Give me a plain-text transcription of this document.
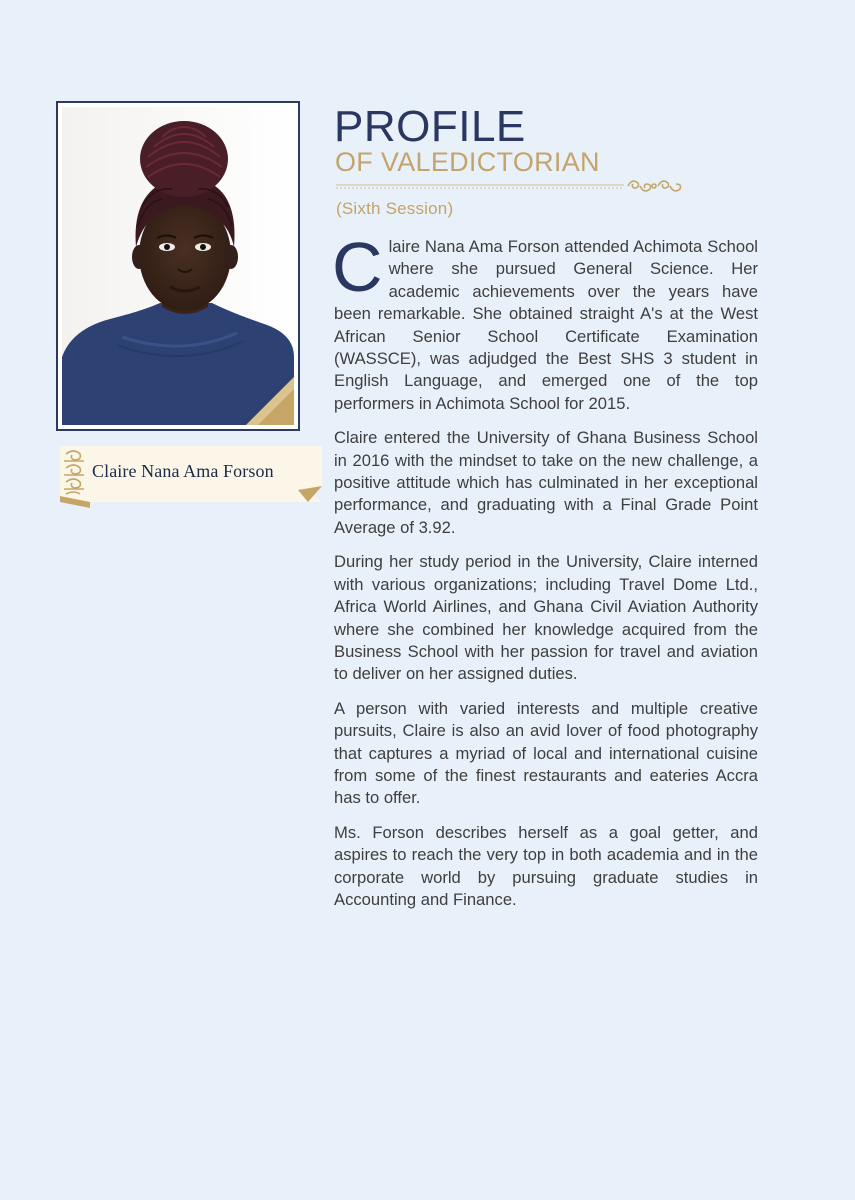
Claire Nana Ama Forson
PROFILE
OF VALEDICTORIAN
(Sixth Session)

Claire Nana Ama Forson attended Achimota School where she pursued General Science. Her academic achievements over the years have been remarkable. She obtained straight A's at the West African Senior School Certificate Examination (WASSCE), was adjudged the Best SHS 3 student in English Language, and emerged one of the top performers in Achimota School for 2015.

Claire entered the University of Ghana Business School in 2016 with the mindset to take on the new challenge, a positive attitude which has culminated in her exceptional performance, and graduating with a Final Grade Point Average of 3.92.

During her study period in the University, Claire interned with various organizations; including Travel Dome Ltd., Africa World Airlines, and Ghana Civil Aviation Authority where she combined her knowledge acquired from the Business School with her passion for travel and aviation to deliver on her assigned duties.

A person with varied interests and multiple creative pursuits, Claire is also an avid lover of food photography that captures a myriad of local and international cuisine from some of the finest restaurants and eateries Accra has to offer.

Ms. Forson describes herself as a goal getter, and aspires to reach the very top in both academia and in the corporate world by pursuing graduate studies in Accounting and Finance.
